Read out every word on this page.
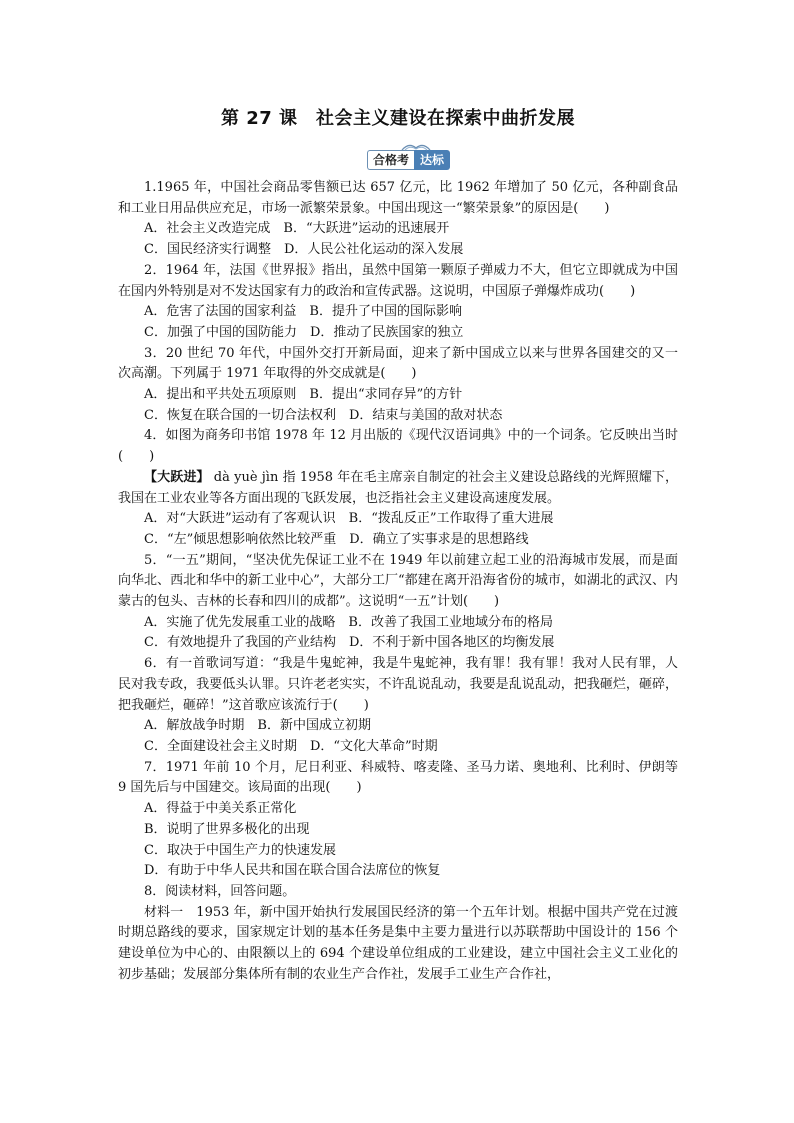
第 27 课　社会主义建设在探索中曲折发展
合格考 达标
1.1965 年，中国社会商品零售额已达 657 亿元，比 1962 年增加了 50 亿元，各种副食品和工业日用品供应充足，市场一派繁荣景象。中国出现这一“繁荣景象”的原因是(　　)
A．社会主义改造完成　B．“大跃进”运动的迅速展开
C．国民经济实行调整　D．人民公社化运动的深入发展
2．1964 年，法国《世界报》指出，虽然中国第一颗原子弹威力不大，但它立即就成为中国在国内外特别是对不发达国家有力的政治和宣传武器。这说明，中国原子弹爆炸成功(　　)
A．危害了法国的国家利益　B．提升了中国的国际影响
C．加强了中国的国防能力　D．推动了民族国家的独立
3．20 世纪 70 年代，中国外交打开新局面，迎来了新中国成立以来与世界各国建交的又一次高潮。下列属于 1971 年取得的外交成就是(　　)
A．提出和平共处五项原则　B．提出“求同存异”的方针
C．恢复在联合国的一切合法权利　D．结束与美国的敌对状态
4．如图为商务印书馆 1978 年 12 月出版的《现代汉语词典》中的一个词条。它反映出当时(　　)
【大跃进】 dà yuè jìn 指 1958 年在毛主席亲自制定的社会主义建设总路线的光辉照耀下，我国在工业农业等各方面出现的飞跃发展，也泛指社会主义建设高速度发展。
A．对“大跃进”运动有了客观认识　B．“拨乱反正”工作取得了重大进展
C．“左”倾思想影响依然比较严重　D．确立了实事求是的思想路线
5．“一五”期间，“坚决优先保证工业不在 1949 年以前建立起工业的沿海城市发展，而是面向华北、西北和华中的新工业中心”，大部分工厂“都建在离开沿海省份的城市，如湖北的武汉、内蒙古的包头、吉林的长春和四川的成都”。这说明“一五”计划(　　)
A．实施了优先发展重工业的战略　B．改善了我国工业地域分布的格局
C．有效地提升了我国的产业结构　D．不利于新中国各地区的均衡发展
6．有一首歌词写道：“我是牛鬼蛇神，我是牛鬼蛇神，我有罪！我有罪！我对人民有罪，人民对我专政，我要低头认罪。只许老老实实，不许乱说乱动，我要是乱说乱动，把我砸烂，砸碎，把我砸烂，砸碎！”这首歌应该流行于(　　)
A．解放战争时期　B．新中国成立初期
C．全面建设社会主义时期　D．“文化大革命”时期
7．1971 年前 10 个月，尼日利亚、科威特、喀麦隆、圣马力诺、奥地利、比利时、伊朗等 9 国先后与中国建交。该局面的出现(　　)
A．得益于中美关系正常化
B．说明了世界多极化的出现
C．取决于中国生产力的快速发展
D．有助于中华人民共和国在联合国合法席位的恢复
8．阅读材料，回答问题。
材料一　1953 年，新中国开始执行发展国民经济的第一个五年计划。根据中国共产党在过渡时期总路线的要求，国家规定计划的基本任务是集中主要力量进行以苏联帮助中国设计的 156 个建设单位为中心的、由限额以上的 694 个建设单位组成的工业建设，建立中国社会主义工业化的初步基础；发展部分集体所有制的农业生产合作社，发展手工业生产合作社，
